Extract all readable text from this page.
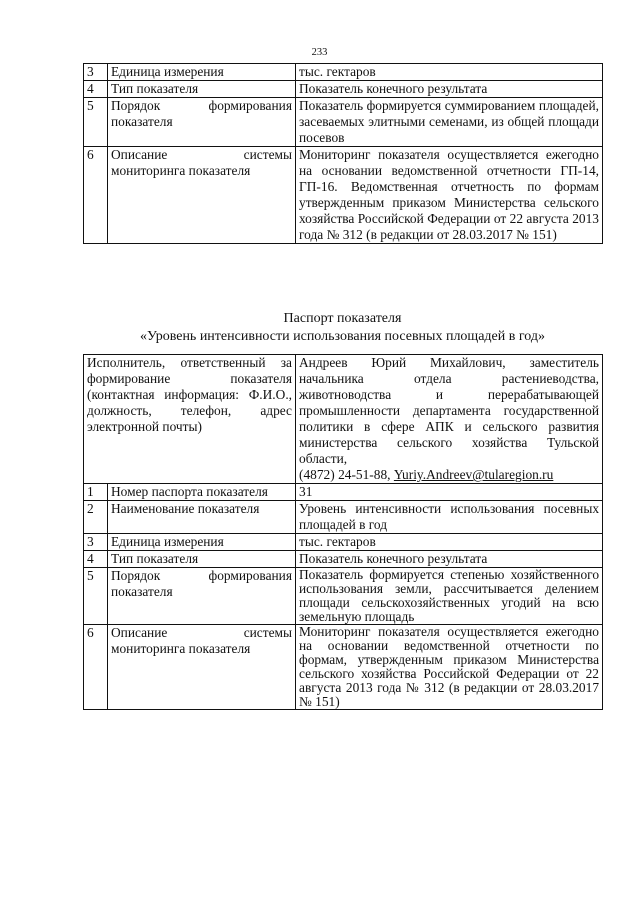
233
3	Единица измерения	тыс. гектаров
4	Тип показателя	Показатель конечного результата
5	Порядок формирования показателя	Показатель формируется суммированием площадей, засеваемых элитными семенами, из общей площади посевов
6	Описание системы мониторинга показателя	Мониторинг показателя осуществляется ежегодно на основании ведомственной отчетности ГП-14, ГП-16. Ведомственная отчетность по формам утвержденным приказом Министерства сельского хозяйства Российской Федерации от 22 августа 2013 года № 312 (в редакции от 28.03.2017 № 151)
Паспорт показателя
«Уровень интенсивности использования посевных площадей в год»
Исполнитель, ответственный за формирование показателя (контактная информация: Ф.И.О., должность, телефон, адрес электронной почты)		Андреев Юрий Михайлович, заместитель начальника отдела растениеводства, животноводства и перерабатывающей промышленности департамента государственной политики в сфере АПК и сельского развития министерства сельского хозяйства Тульской области,
(4872) 24-51-88, Yuriy.Andreev@tularegion.ru
1	Номер паспорта показателя	31
2	Наименование показателя	Уровень интенсивности использования посевных площадей в год
3	Единица измерения	тыс. гектаров
4	Тип показателя	Показатель конечного результата
5	Порядок формирования показателя	Показатель формируется степенью хозяйственного использования земли, рассчитывается делением площади сельскохозяйственных угодий на всю земельную площадь
6	Описание системы мониторинга показателя	Мониторинг показателя осуществляется ежегодно на основании ведомственной отчетности по формам, утвержденным приказом Министерства сельского хозяйства Российской Федерации от 22 августа 2013 года № 312 (в редакции от 28.03.2017 № 151)
